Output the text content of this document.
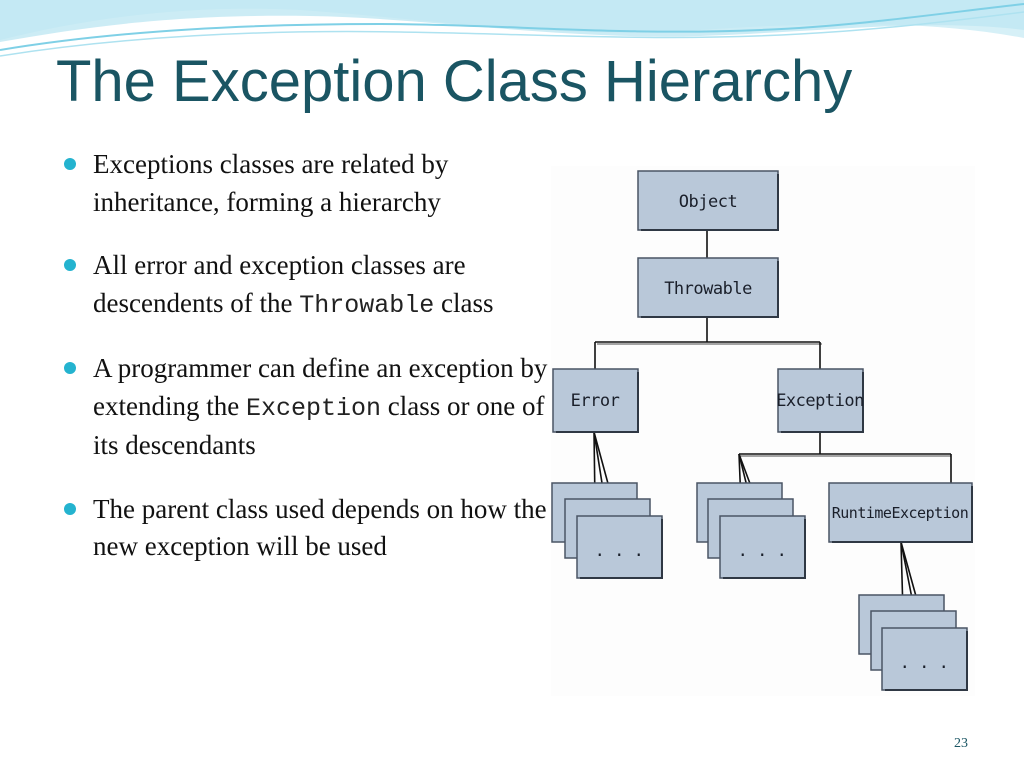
The Exception Class Hierarchy
Exceptions classes are related by inheritance, forming a hierarchy
All error and exception classes are descendents of the Throwable class
A programmer can define an exception by extending the Exception class or one of its descendants
The parent class used depends on how the new exception will be used
Object
Throwable
Error	Exception
RuntimeException
. . .	. . .
. . .
23
